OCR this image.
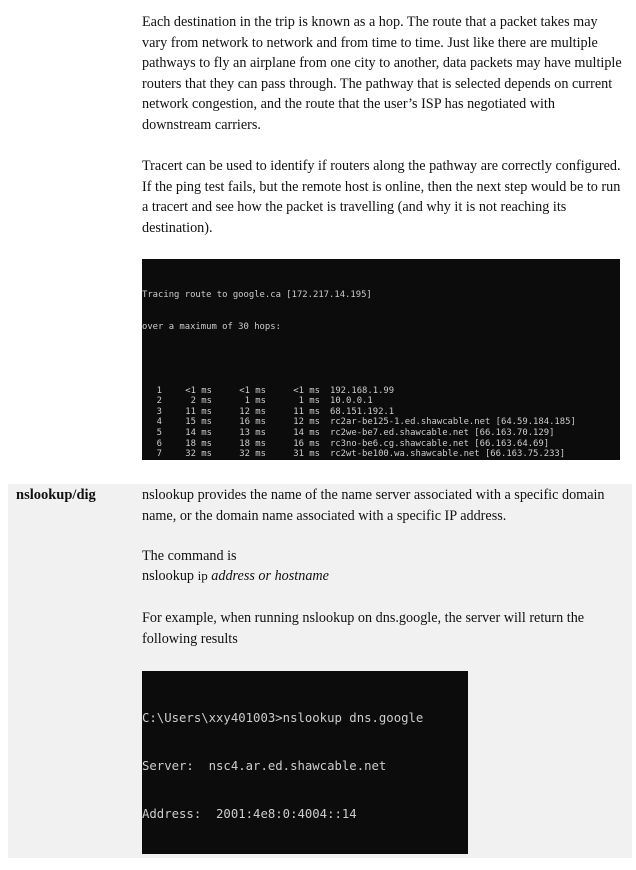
Each destination in the trip is known as a hop. The route that a packet takes may vary from network to network and from time to time. Just like there are multiple pathways to fly an airplane from one city to another, data packets may have multiple routers that they can pass through. The pathway that is selected depends on current network congestion, and the route that the user’s ISP has negotiated with downstream carriers.

Tracert can be used to identify if routers along the pathway are correctly configured. If the ping test fails, but the remote host is online, then the next step would be to run a tracert and see how the packet is travelling (and why it is not reaching its destination).

Tracing route to google.ca [172.217.14.195]

over a maximum of 30 hops:

1	<1 ms	<1 ms	<1 ms 192.168.1.99
2	2 ms	1 ms	1 ms 10.0.0.1
3	11 ms	12 ms	11 ms 68.151.192.1
4	15 ms	16 ms	12 ms rc2ar-be125-1.ed.shawcable.net [64.59.184.185]
5	14 ms	13 ms	14 ms rc2we-be7.ed.shawcable.net [66.163.70.129]
6	18 ms	18 ms	16 ms rc3no-be6.cg.shawcable.net [66.163.64.69]
7	32 ms	32 ms	31 ms rc2wt-be100.wa.shawcable.net [66.163.75.233]

nslookup/dig	nslookup provides the name of the name server associated with a specific domain name, or the domain name associated with a specific IP address.

The command is

nslookup ip address or hostname

For example, when running nslookup on dns.google, the server will return the following results

C:\Users\xxy401003>nslookup dns.google

Server:  nsc4.ar.ed.shawcable.net

Address:  2001:4e8:0:4004::14
